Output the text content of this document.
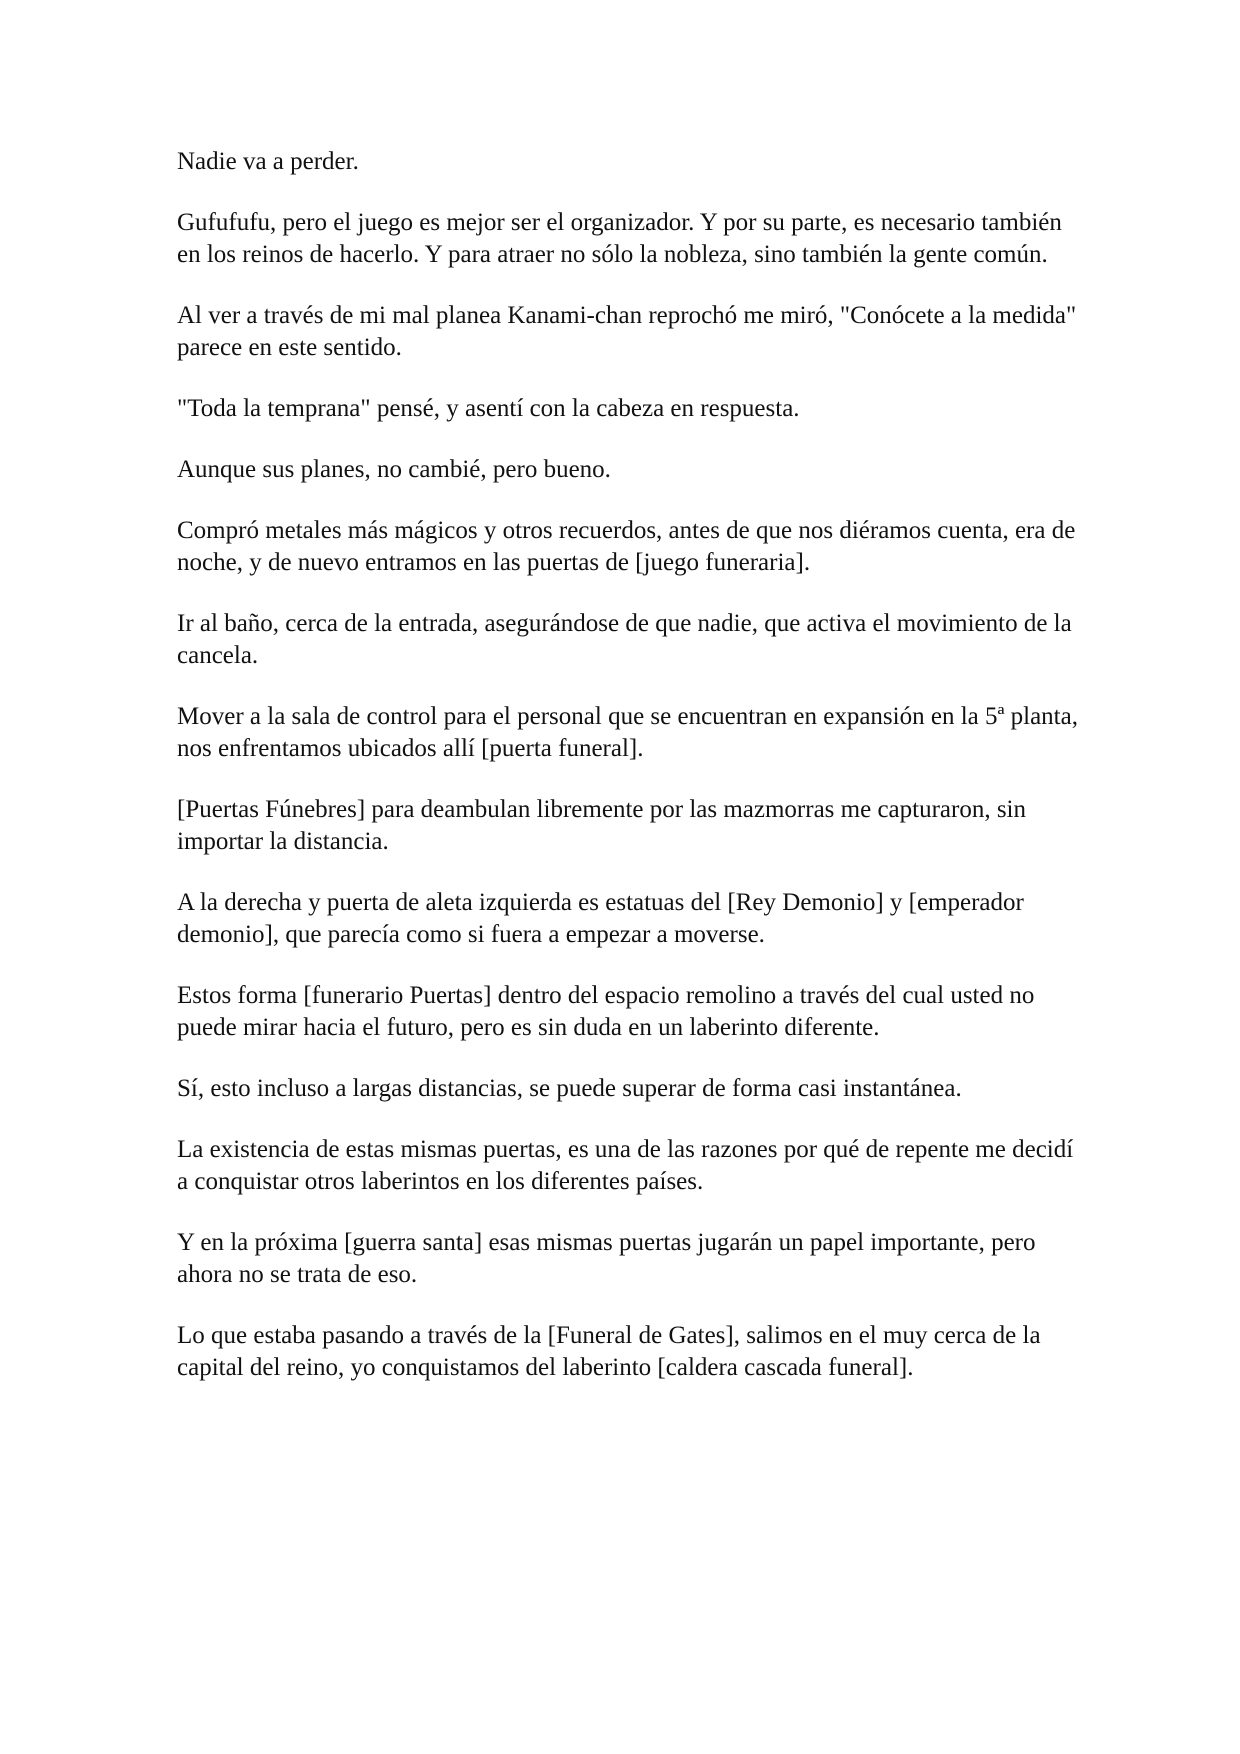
Nadie va a perder.

Gufufufu, pero el juego es mejor ser el organizador. Y por su parte, es necesario también en los reinos de hacerlo. Y para atraer no sólo la nobleza, sino también la gente común.

Al ver a través de mi mal planea Kanami-chan reprochó me miró, "Conócete a la medida" parece en este sentido.

"Toda la temprana" pensé, y asentí con la cabeza en respuesta.

Aunque sus planes, no cambié, pero bueno.

Compró metales más mágicos y otros recuerdos, antes de que nos diéramos cuenta, era de noche, y de nuevo entramos en las puertas de [juego funeraria].

Ir al baño, cerca de la entrada, asegurándose de que nadie, que activa el movimiento de la cancela.

Mover a la sala de control para el personal que se encuentran en expansión en la 5ª planta, nos enfrentamos ubicados allí [puerta funeral].

[Puertas Fúnebres] para deambulan libremente por las mazmorras me capturaron, sin importar la distancia.

A la derecha y puerta de aleta izquierda es estatuas del [Rey Demonio] y [emperador demonio], que parecía como si fuera a empezar a moverse.

Estos forma [funerario Puertas] dentro del espacio remolino a través del cual usted no puede mirar hacia el futuro, pero es sin duda en un laberinto diferente.

Sí, esto incluso a largas distancias, se puede superar de forma casi instantánea.

La existencia de estas mismas puertas, es una de las razones por qué de repente me decidí a conquistar otros laberintos en los diferentes países.

Y en la próxima [guerra santa] esas mismas puertas jugarán un papel importante, pero ahora no se trata de eso.

Lo que estaba pasando a través de la [Funeral de Gates], salimos en el muy cerca de la capital del reino, yo conquistamos del laberinto [caldera cascada funeral].
